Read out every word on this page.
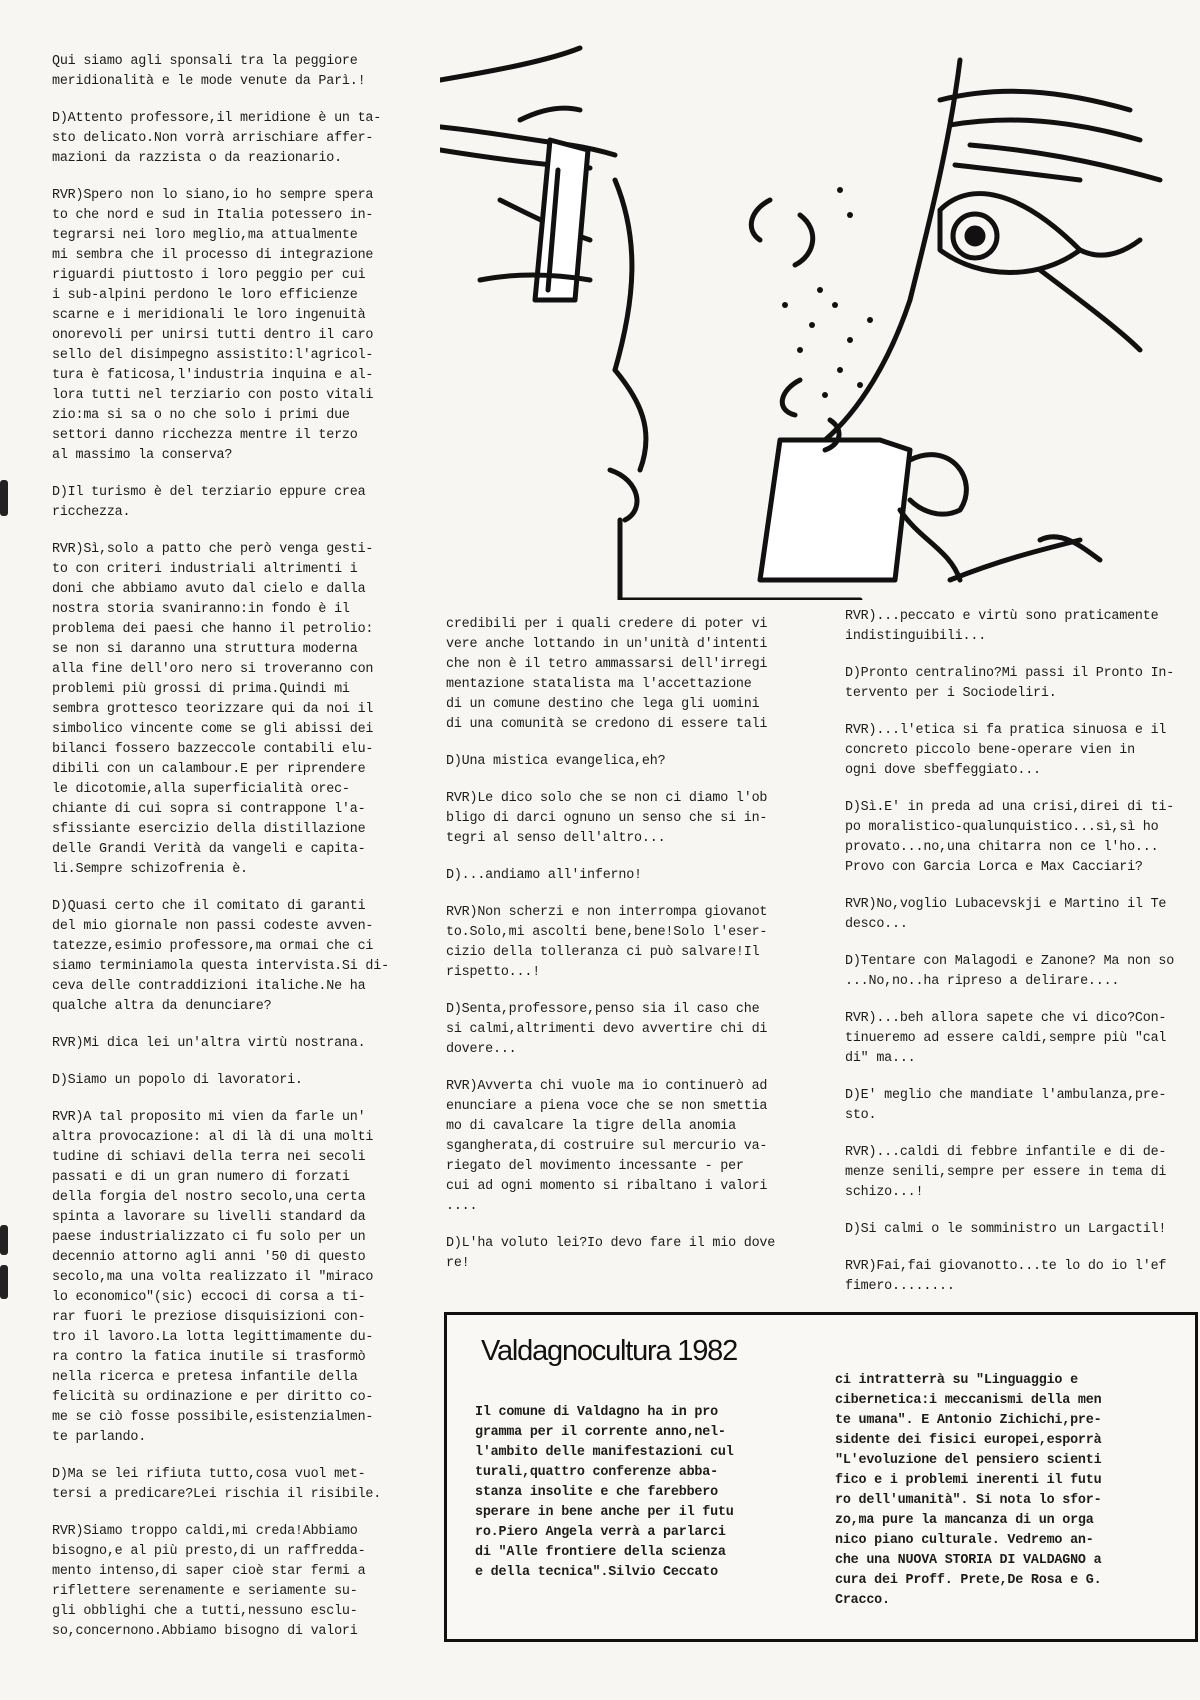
Qui siamo agli sponsali tra la peggiore
meridionalità e le mode venute da Parì.!

D)Attento professore,il meridione è un ta-
sto delicato.Non vorrà arrischiare affer-
mazioni da razzista o da reazionario.

RVR)Spero non lo siano,io ho sempre spera
to che nord e sud in Italia potessero in-
tegrarsi nei loro meglio,ma attualmente
mi sembra che il processo di integrazione
riguardi piuttosto i loro peggio per cui
i sub-alpini perdono le loro efficienze
scarne e i meridionali le loro ingenuità
onorevoli per unirsi tutti dentro il caro
sello del disimpegno assistito:l'agricol-
tura è faticosa,l'industria inquina e al-
lora tutti nel terziario con posto vitali
zio:ma si sa o no che solo i primi due
settori danno ricchezza mentre il terzo
al massimo la conserva?

D)Il turismo è del terziario eppure crea
ricchezza.

RVR)Sì,solo a patto che però venga gesti-
to con criteri industriali altrimenti i
doni che abbiamo avuto dal cielo e dalla
nostra storia svaniranno:in fondo è il
problema dei paesi che hanno il petrolio:
se non si daranno una struttura moderna
alla fine dell'oro nero si troveranno con
problemi più grossi di prima.Quindi mi
sembra grottesco teorizzare qui da noi il
simbolico vincente come se gli abissi dei
bilanci fossero bazzeccole contabili elu-
dibili con un calambour.E per riprendere
le dicotomie,alla superficialità orec-
chiante di cui sopra si contrappone l'a-
sfissiante esercizio della distillazione
delle Grandi Verità da vangeli e capita-
li.Sempre schizofrenia è.

D)Quasi certo che il comitato di garanti
del mio giornale non passi codeste avven-
tatezze,esimio professore,ma ormai che ci
siamo terminiamola questa intervista.Si di-
ceva delle contraddizioni italiche.Ne ha
qualche altra da denunciare?

RVR)Mi dica lei un'altra virtù nostrana.

D)Siamo un popolo di lavoratori.

RVR)A tal proposito mi vien da farle un'
altra provocazione: al di là di una molti
tudine di schiavi della terra nei secoli
passati e di un gran numero di forzati
della forgia del nostro secolo,una certa
spinta a lavorare su livelli standard da
paese industrializzato ci fu solo per un
decennio attorno agli anni '50 di questo
secolo,ma una volta realizzato il "miraco
lo economico"(sic) eccoci di corsa a ti-
rar fuori le preziose disquisizioni con-
tro il lavoro.La lotta legittimamente du-
ra contro la fatica inutile si trasformò
nella ricerca e pretesa infantile della
felicità su ordinazione e per diritto co-
me se ciò fosse possibile,esistenzialmen-
te parlando.

D)Ma se lei rifiuta tutto,cosa vuol met-
tersi a predicare?Lei rischia il risibile.

RVR)Siamo troppo caldi,mi creda!Abbiamo
bisogno,e al più presto,di un raffredda-
mento intenso,di saper cioè star fermi a
riflettere serenamente e seriamente su-
gli obblighi che a tutti,nessuno esclu-
so,concernono.Abbiamo bisogno di valori

credibili per i quali credere di poter vi
vere anche lottando in un'unità d'intenti
che non è il tetro ammassarsi dell'irregi
mentazione statalista ma l'accettazione
di un comune destino che lega gli uomini
di una comunità se credono di essere tali

D)Una mistica evangelica,eh?

RVR)Le dico solo che se non ci diamo l'ob
bligo di darci ognuno un senso che si in-
tegri al senso dell'altro...

D)...andiamo all'inferno!

RVR)Non scherzi e non interrompa giovanot
to.Solo,mi ascolti bene,bene!Solo l'eser-
cizio della tolleranza ci può salvare!Il
rispetto...!

D)Senta,professore,penso sia il caso che
si calmi,altrimenti devo avvertire chi di
dovere...

RVR)Avverta chi vuole ma io continuerò ad
enunciare a piena voce che se non smettia
mo di cavalcare la tigre della anomia
sgangherata,di costruire sul mercurio va-
riegato del movimento incessante - per
cui ad ogni momento si ribaltano i valori
....

D)L'ha voluto lei?Io devo fare il mio dove
re!

RVR)...peccato e virtù sono praticamente
indistinguibili...

D)Pronto centralino?Mi passi il Pronto In-
tervento per i Sociodeliri.

RVR)...l'etica si fa pratica sinuosa e il
concreto piccolo bene-operare vien in
ogni dove sbeffeggiato...

D)Sì.E' in preda ad una crisi,direi di ti-
po moralistico-qualunquistico...sì,sì ho
provato...no,una chitarra non ce l'ho...
Provo con Garcia Lorca e Max Cacciari?

RVR)No,voglio Lubacevskji e Martino il Te
desco...

D)Tentare con Malagodi e Zanone? Ma non so
...No,no..ha ripreso a delirare....

RVR)...beh allora sapete che vi dico?Con-
tinueremo ad essere caldi,sempre più "cal
di" ma...

D)E' meglio che mandiate l'ambulanza,pre-
sto.

RVR)...caldi di febbre infantile e di de-
menze senili,sempre per essere in tema di
schizo...!

D)Si calmi o le somministro un Largactil!

RVR)Fai,fai giovanotto...te lo do io l'ef
fimero........

Valdagnocultura 1982
Il comune di Valdagno ha in pro
gramma per il corrente anno,nel-
l'ambito delle manifestazioni cul
turali,quattro conferenze abba-
stanza insolite e che farebbero
sperare in bene anche per il futu
ro.Piero Angela verrà a parlarci
di "Alle frontiere della scienza
e della tecnica".Silvio Ceccato
ci intratterrà su "Linguaggio e
cibernetica:i meccanismi della men
te umana". E Antonio Zichichi,pre-
sidente dei fisici europei,esporrà
"L'evoluzione del pensiero scienti
fico e i problemi inerenti il futu
ro dell'umanità". Si nota lo sfor-
zo,ma pure la mancanza di un orga
nico piano culturale. Vedremo an-
che una NUOVA STORIA DI VALDAGNO a
cura dei Proff. Prete,De Rosa e G.
Cracco.
